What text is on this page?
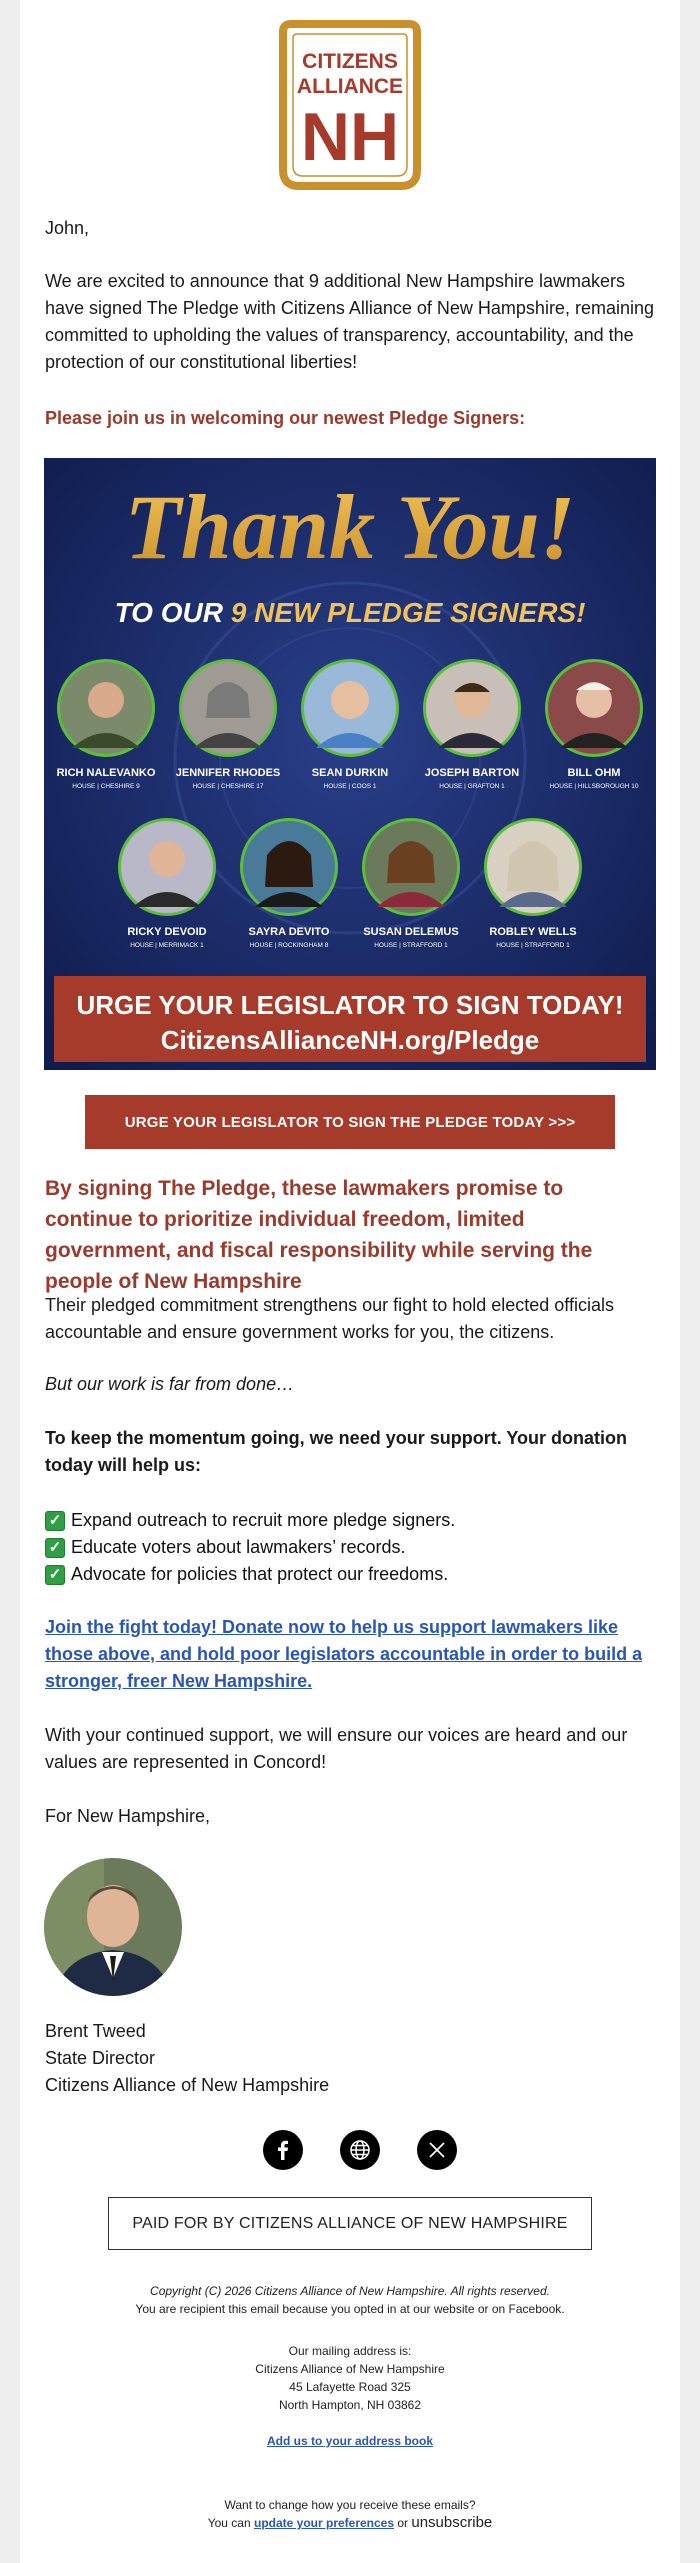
CITIZENS
ALLIANCE
NH
John,
We are excited to announce that 9 additional New Hampshire lawmakers have signed The Pledge with Citizens Alliance of New Hampshire, remaining committed to upholding the values of transparency, accountability, and the protection of our constitutional liberties!
Please join us in welcoming our newest Pledge Signers:
Thank You!
TO OUR 9 NEW PLEDGE SIGNERS!
RICH NALEVANKO
HOUSE | CHESHIRE 9
JENNIFER RHODES
HOUSE | CHESHIRE 17
SEAN DURKIN
HOUSE | COOS 1
JOSEPH BARTON
HOUSE | GRAFTON 1
BILL OHM
HOUSE | HILLSBOROUGH 10
RICKY DEVOID
HOUSE | MERRIMACK 1
SAYRA DEVITO
HOUSE | ROCKINGHAM 8
SUSAN DELEMUS
HOUSE | STRAFFORD 1
ROBLEY WELLS
HOUSE | STRAFFORD 1
URGE YOUR LEGISLATOR TO SIGN TODAY!
CitizensAllianceNH.org/Pledge
URGE YOUR LEGISLATOR TO SIGN THE PLEDGE TODAY >>>
By signing The Pledge, these lawmakers promise to continue to prioritize individual freedom, limited government, and fiscal responsibility while serving the people of New Hampshire
Their pledged commitment strengthens our fight to hold elected officials accountable and ensure government works for you, the citizens.
But our work is far from done…
To keep the momentum going, we need your support. Your donation today will help us:
✓ Expand outreach to recruit more pledge signers.
✓ Educate voters about lawmakers’ records.
✓ Advocate for policies that protect our freedoms.
Join the fight today! Donate now to help us support lawmakers like those above, and hold poor legislators accountable in order to build a stronger, freer New Hampshire.
With your continued support, we will ensure our voices are heard and our values are represented in Concord!
For New Hampshire,
Brent Tweed
State Director
Citizens Alliance of New Hampshire
PAID FOR BY CITIZENS ALLIANCE OF NEW HAMPSHIRE
Copyright (C) 2026 Citizens Alliance of New Hampshire. All rights reserved.
You are recipient this email because you opted in at our website or on Facebook.
Our mailing address is:
Citizens Alliance of New Hampshire
45 Lafayette Road 325
North Hampton, NH 03862
Add us to your address book
Want to change how you receive these emails?
You can update your preferences or unsubscribe
